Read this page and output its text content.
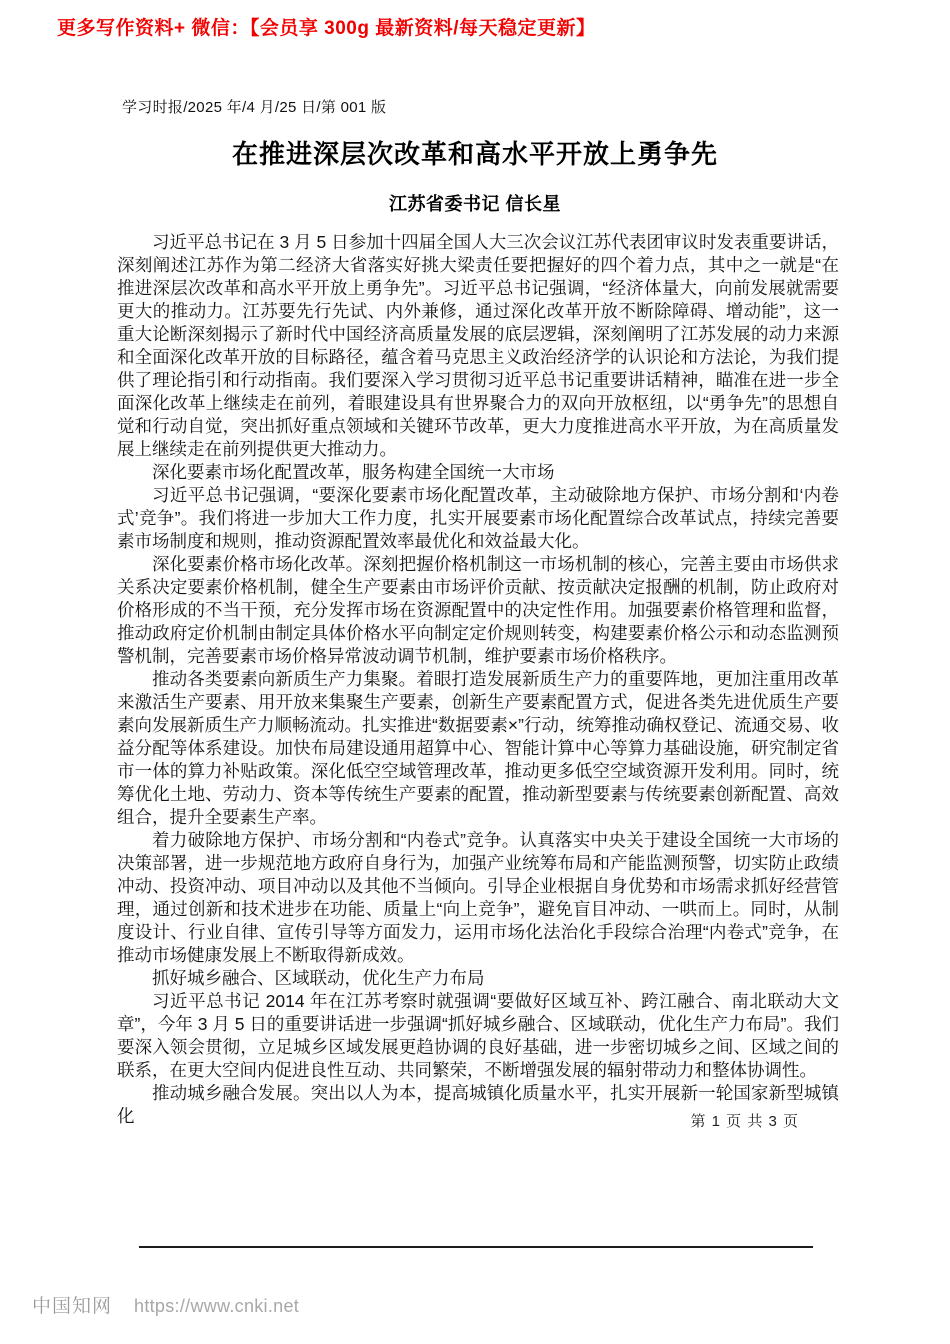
更多写作资料+ 微信：【会员享 300g 最新资料/每天稳定更新】
学习时报/2025 年/4 月/25 日/第 001 版
在推进深层次改革和高水平开放上勇争先
江苏省委书记 信长星

习近平总书记在 3 月 5 日参加十四届全国人大三次会议江苏代表团审议时发表重要讲话，深刻阐述江苏作为第二经济大省落实好挑大梁责任要把握好的四个着力点，其中之一就是“在推进深层次改革和高水平开放上勇争先”。习近平总书记强调，“经济体量大，向前发展就需要更大的推动力。江苏要先行先试、内外兼修，通过深化改革开放不断除障碍、增动能”，这一重大论断深刻揭示了新时代中国经济高质量发展的底层逻辑，深刻阐明了江苏发展的动力来源和全面深化改革开放的目标路径，蕴含着马克思主义政治经济学的认识论和方法论，为我们提供了理论指引和行动指南。我们要深入学习贯彻习近平总书记重要讲话精神，瞄准在进一步全面深化改革上继续走在前列，着眼建设具有世界聚合力的双向开放枢纽，以“勇争先”的思想自觉和行动自觉，突出抓好重点领域和关键环节改革，更大力度推进高水平开放，为在高质量发展上继续走在前列提供更大推动力。

深化要素市场化配置改革，服务构建全国统一大市场

习近平总书记强调，“要深化要素市场化配置改革，主动破除地方保护、市场分割和‘内卷式’竞争”。我们将进一步加大工作力度，扎实开展要素市场化配置综合改革试点，持续完善要素市场制度和规则，推动资源配置效率最优化和效益最大化。

深化要素价格市场化改革。深刻把握价格机制这一市场机制的核心，完善主要由市场供求关系决定要素价格机制，健全生产要素由市场评价贡献、按贡献决定报酬的机制，防止政府对价格形成的不当干预，充分发挥市场在资源配置中的决定性作用。加强要素价格管理和监督，推动政府定价机制由制定具体价格水平向制定定价规则转变，构建要素价格公示和动态监测预警机制，完善要素市场价格异常波动调节机制，维护要素市场价格秩序。

推动各类要素向新质生产力集聚。着眼打造发展新质生产力的重要阵地，更加注重用改革来激活生产要素、用开放来集聚生产要素，创新生产要素配置方式，促进各类先进优质生产要素向发展新质生产力顺畅流动。扎实推进“数据要素×”行动，统筹推动确权登记、流通交易、收益分配等体系建设。加快布局建设通用超算中心、智能计算中心等算力基础设施，研究制定省市一体的算力补贴政策。深化低空空域管理改革，推动更多低空空域资源开发利用。同时，统筹优化土地、劳动力、资本等传统生产要素的配置，推动新型要素与传统要素创新配置、高效组合，提升全要素生产率。

着力破除地方保护、市场分割和“内卷式”竞争。认真落实中央关于建设全国统一大市场的决策部署，进一步规范地方政府自身行为，加强产业统筹布局和产能监测预警，切实防止政绩冲动、投资冲动、项目冲动以及其他不当倾向。引导企业根据自身优势和市场需求抓好经营管理，通过创新和技术进步在功能、质量上“向上竞争”，避免盲目冲动、一哄而上。同时，从制度设计、行业自律、宣传引导等方面发力，运用市场化法治化手段综合治理“内卷式”竞争，在推动市场健康发展上不断取得新成效。

抓好城乡融合、区域联动，优化生产力布局

习近平总书记 2014 年在江苏考察时就强调“要做好区域互补、跨江融合、南北联动大文章”，今年 3 月 5 日的重要讲话进一步强调“抓好城乡融合、区域联动，优化生产力布局”。我们要深入领会贯彻，立足城乡区域发展更趋协调的良好基础，进一步密切城乡之间、区域之间的联系，在更大空间内促进良性互动、共同繁荣，不断增强发展的辐射带动力和整体协调性。

推动城乡融合发展。突出以人为本，提高城镇化质量水平，扎实开展新一轮国家新型城镇化	第 1 页 共 3 页
中国知网 https://www.cnki.net
